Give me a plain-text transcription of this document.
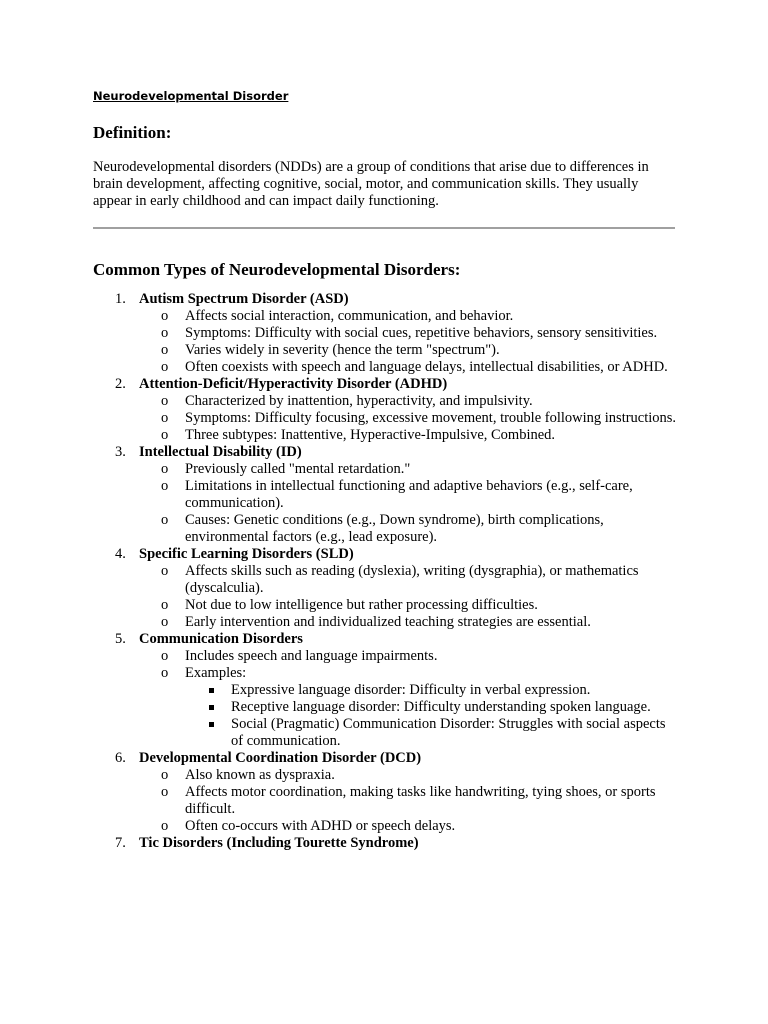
Neurodevelopmental Disorder

Definition:

Neurodevelopmental disorders (NDDs) are a group of conditions that arise due to differences in brain development, affecting cognitive, social, motor, and communication skills. They usually appear in early childhood and can impact daily functioning.

Common Types of Neurodevelopmental Disorders:
1. Autism Spectrum Disorder (ASD)
o Affects social interaction, communication, and behavior.
o Symptoms: Difficulty with social cues, repetitive behaviors, sensory sensitivities.
o Varies widely in severity (hence the term "spectrum").
o Often coexists with speech and language delays, intellectual disabilities, or ADHD.
2. Attention-Deficit/Hyperactivity Disorder (ADHD)
o Characterized by inattention, hyperactivity, and impulsivity.
o Symptoms: Difficulty focusing, excessive movement, trouble following instructions.
o Three subtypes: Inattentive, Hyperactive-Impulsive, Combined.
3. Intellectual Disability (ID)
o Previously called "mental retardation."
o Limitations in intellectual functioning and adaptive behaviors (e.g., self-care, communication).
o Causes: Genetic conditions (e.g., Down syndrome), birth complications, environmental factors (e.g., lead exposure).
4. Specific Learning Disorders (SLD)
o Affects skills such as reading (dyslexia), writing (dysgraphia), or mathematics (dyscalculia).
o Not due to low intelligence but rather processing difficulties.
o Early intervention and individualized teaching strategies are essential.
5. Communication Disorders
o Includes speech and language impairments.
o Examples:
Expressive language disorder: Difficulty in verbal expression.
Receptive language disorder: Difficulty understanding spoken language.
Social (Pragmatic) Communication Disorder: Struggles with social aspects of communication.
6. Developmental Coordination Disorder (DCD)
o Also known as dyspraxia.
o Affects motor coordination, making tasks like handwriting, tying shoes, or sports difficult.
o Often co-occurs with ADHD or speech delays.
7. Tic Disorders (Including Tourette Syndrome)
